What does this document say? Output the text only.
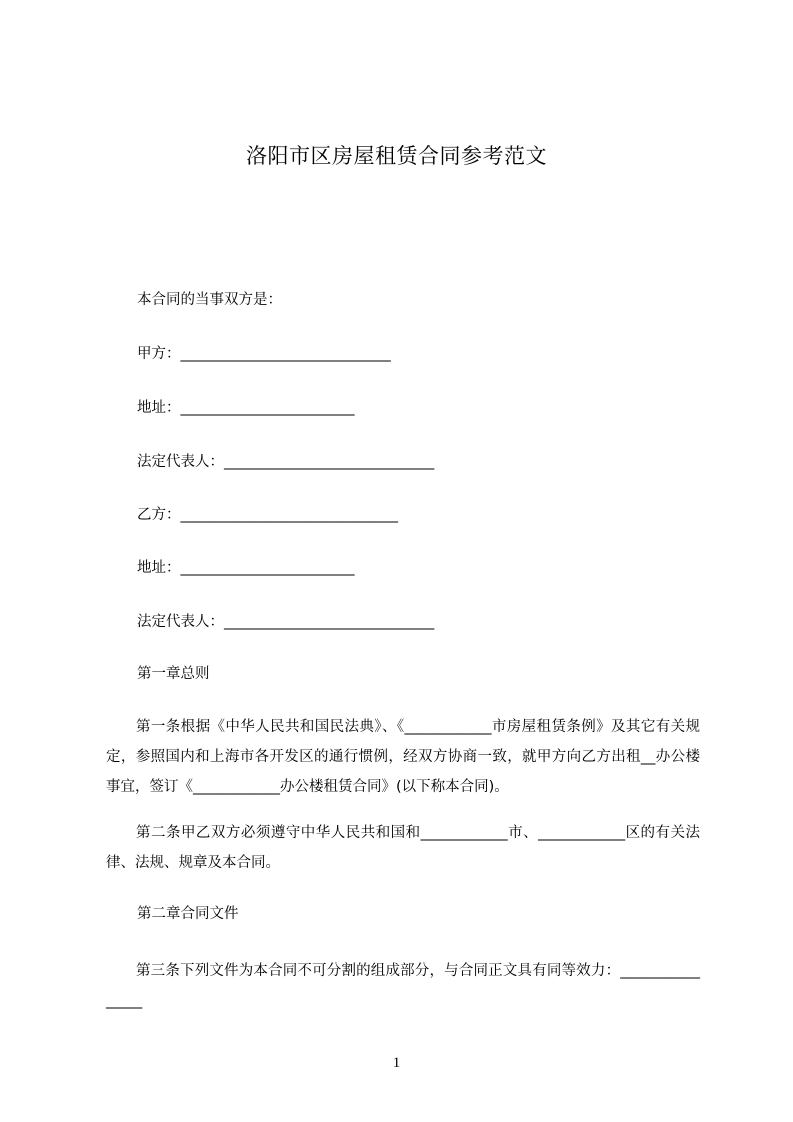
洛阳市区房屋租赁合同参考范文
本合同的当事双方是：
甲方：_____________________________
地址：________________________
法定代表人：_____________________________
乙方：______________________________
地址：________________________
法定代表人：_____________________________
第一章总则
第一条根据《中华人民共和国民法典》、《____________市房屋租赁条例》及其它有关规定，参照国内和上海市各开发区的通行惯例，经双方协商一致，就甲方向乙方出租__办公楼事宜，签订《____________办公楼租赁合同》(以下称本合同)。
第二条甲乙双方必须遵守中华人民共和国和____________市、____________区的有关法律、法规、规章及本合同。
第二章合同文件
第三条下列文件为本合同不可分割的组成部分，与合同正文具有同等效力：________________
1
